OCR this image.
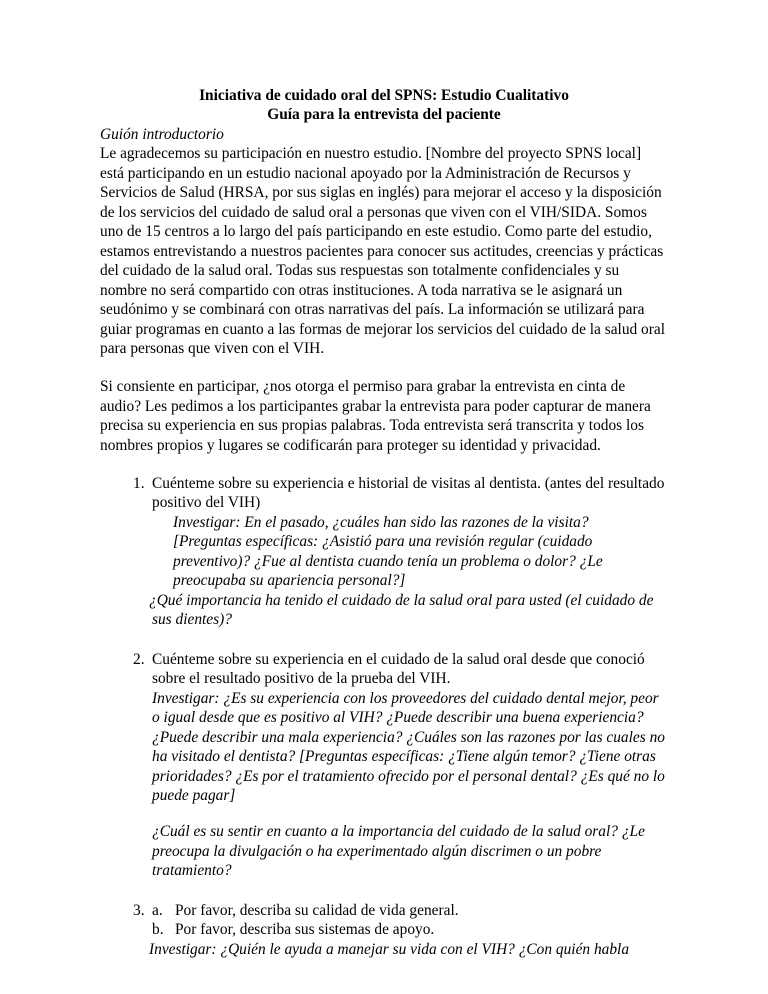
Iniciativa de cuidado oral del SPNS: Estudio Cualitativo
Guía para la entrevista del paciente

Guión introductorio

Le agradecemos su participación en nuestro estudio. [Nombre del proyecto SPNS local] está participando en un estudio nacional apoyado por la Administración de Recursos y Servicios de Salud (HRSA, por sus siglas en inglés) para mejorar el acceso y la disposición de los servicios del cuidado de salud oral a personas que viven con el VIH/SIDA. Somos uno de 15 centros a lo largo del país participando en este estudio. Como parte del estudio, estamos entrevistando a nuestros pacientes para conocer sus actitudes, creencias y prácticas del cuidado de la salud oral. Todas sus respuestas son totalmente confidenciales y su nombre no será compartido con otras instituciones. A toda narrativa se le asignará un seudónimo y se combinará con otras narrativas del país. La información se utilizará para guiar programas en cuanto a las formas de mejorar los servicios del cuidado de la salud oral para personas que viven con el VIH.

Si consiente en participar, ¿nos otorga el permiso para grabar la entrevista en cinta de audio? Les pedimos a los participantes grabar la entrevista para poder capturar de manera precisa su experiencia en sus propias palabras. Toda entrevista será transcrita y todos los nombres propios y lugares se codificarán para proteger su identidad y privacidad.

1. Cuénteme sobre su experiencia e historial de visitas al dentista. (antes del resultado positivo del VIH)

Investigar: En el pasado, ¿cuáles han sido las razones de la visita? [Preguntas específicas: ¿Asistió para una revisión regular (cuidado preventivo)? ¿Fue al dentista cuando tenía un problema o dolor? ¿Le preocupaba su apariencia personal?]

¿Qué importancia ha tenido el cuidado de la salud oral para usted (el cuidado de sus dientes)?

2. Cuénteme sobre su experiencia en el cuidado de la salud oral desde que conoció sobre el resultado positivo de la prueba del VIH.

Investigar: ¿Es su experiencia con los proveedores del cuidado dental mejor, peor o igual desde que es positivo al VIH? ¿Puede describir una buena experiencia? ¿Puede describir una mala experiencia? ¿Cuáles son las razones por las cuales no ha visitado el dentista? [Preguntas específicas: ¿Tiene algún temor? ¿Tiene otras prioridades? ¿Es por el tratamiento ofrecido por el personal dental? ¿Es qué no lo puede pagar]

¿Cuál es su sentir en cuanto a la importancia del cuidado de la salud oral? ¿Le preocupa la divulgación o ha experimentado algún discrimen o un pobre tratamiento?

3. a. Por favor, describa su calidad de vida general.
b. Por favor, describa sus sistemas de apoyo.

Investigar: ¿Quién le ayuda a manejar su vida con el VIH? ¿Con quién habla
